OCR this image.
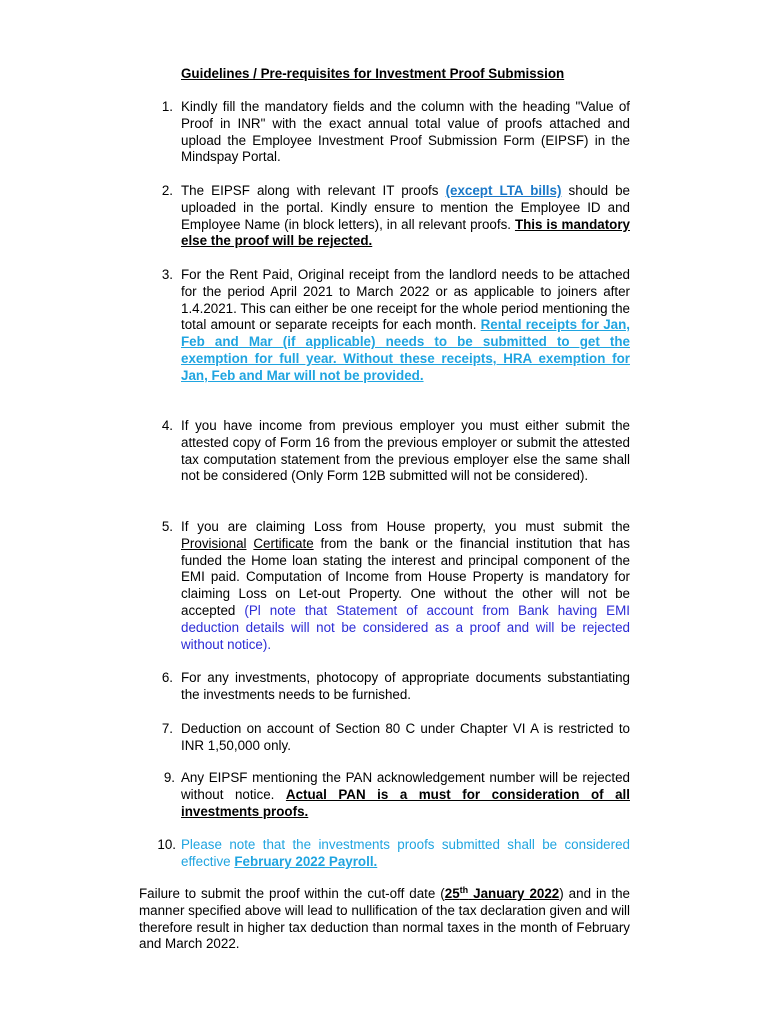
Guidelines / Pre-requisites for Investment Proof Submission
1. Kindly fill the mandatory fields and the column with the heading "Value of Proof in INR" with the exact annual total value of proofs attached and upload the Employee Investment Proof Submission Form (EIPSF) in the Mindspay Portal.
2. The EIPSF along with relevant IT proofs (except LTA bills) should be uploaded in the portal. Kindly ensure to mention the Employee ID and Employee Name (in block letters), in all relevant proofs. This is mandatory else the proof will be rejected.
3. For the Rent Paid, Original receipt from the landlord needs to be attached for the period April 2021 to March 2022 or as applicable to joiners after 1.4.2021. This can either be one receipt for the whole period mentioning the total amount or separate receipts for each month. Rental receipts for Jan, Feb and Mar (if applicable) needs to be submitted to get the exemption for full year. Without these receipts, HRA exemption for Jan, Feb and Mar will not be provided.
4. If you have income from previous employer you must either submit the attested copy of Form 16 from the previous employer or submit the attested tax computation statement from the previous employer else the same shall not be considered (Only Form 12B submitted will not be considered).
5. If you are claiming Loss from House property, you must submit the Provisional Certificate from the bank or the financial institution that has funded the Home loan stating the interest and principal component of the EMI paid. Computation of Income from House Property is mandatory for claiming Loss on Let-out Property. One without the other will not be accepted (Pl note that Statement of account from Bank having EMI deduction details will not be considered as a proof and will be rejected without notice).
6. For any investments, photocopy of appropriate documents substantiating the investments needs to be furnished.
7. Deduction on account of Section 80 C under Chapter VI A is restricted to INR 1,50,000 only.
9. Any EIPSF mentioning the PAN acknowledgement number will be rejected without notice. Actual PAN is a must for consideration of all investments proofs.
10. Please note that the investments proofs submitted shall be considered effective February 2022 Payroll.
Failure to submit the proof within the cut-off date (25th January 2022) and in the manner specified above will lead to nullification of the tax declaration given and will therefore result in higher tax deduction than normal taxes in the month of February and March 2022.
